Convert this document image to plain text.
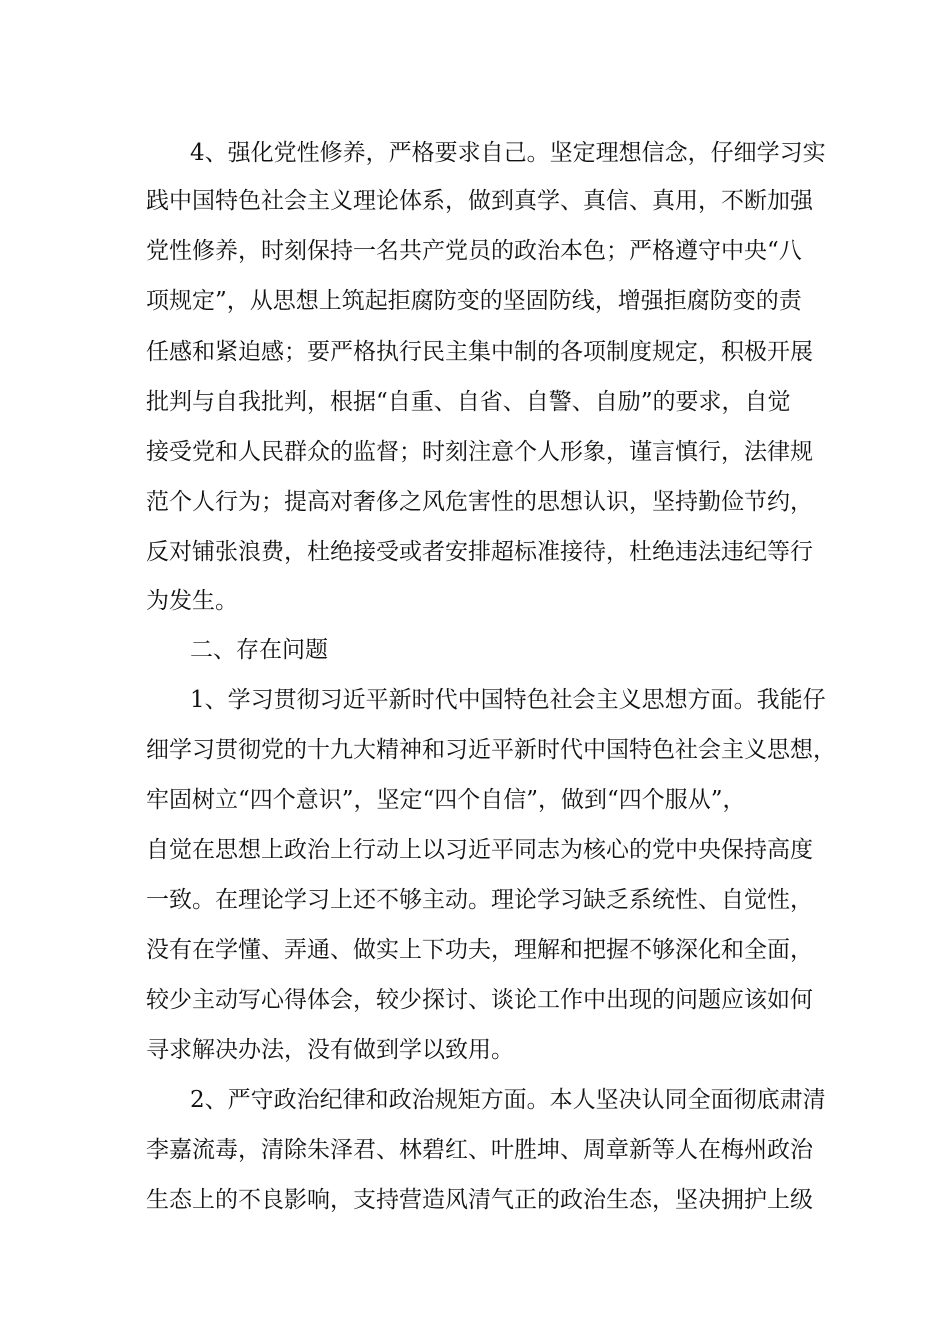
4、强化党性修养，严格要求自己。坚定理想信念，仔细学习实
践中国特色社会主义理论体系，做到真学、真信、真用，不断加强
党性修养，时刻保持一名共产党员的政治本色；严格遵守中央“八
项规定”，从思想上筑起拒腐防变的坚固防线，增强拒腐防变的责
任感和紧迫感；要严格执行民主集中制的各项制度规定，积极开展
批判与自我批判，根据“自重、自省、自警、自励”的要求，自觉
接受党和人民群众的监督；时刻注意个人形象，谨言慎行，法律规
范个人行为；提高对奢侈之风危害性的思想认识，坚持勤俭节约，
反对铺张浪费，杜绝接受或者安排超标准接待，杜绝违法违纪等行
为发生。
二、存在问题
1、学习贯彻习近平新时代中国特色社会主义思想方面。我能仔
细学习贯彻党的十九大精神和习近平新时代中国特色社会主义思想，
牢固树立“四个意识”，坚定“四个自信”，做到“四个服从”，
自觉在思想上政治上行动上以习近平同志为核心的党中央保持高度
一致。在理论学习上还不够主动。理论学习缺乏系统性、自觉性，
没有在学懂、弄通、做实上下功夫，理解和把握不够深化和全面，
较少主动写心得体会，较少探讨、谈论工作中出现的问题应该如何
寻求解决办法，没有做到学以致用。
2、严守政治纪律和政治规矩方面。本人坚决认同全面彻底肃清
李嘉流毒，清除朱泽君、林碧红、叶胜坤、周章新等人在梅州政治
生态上的不良影响，支持营造风清气正的政治生态，坚决拥护上级
